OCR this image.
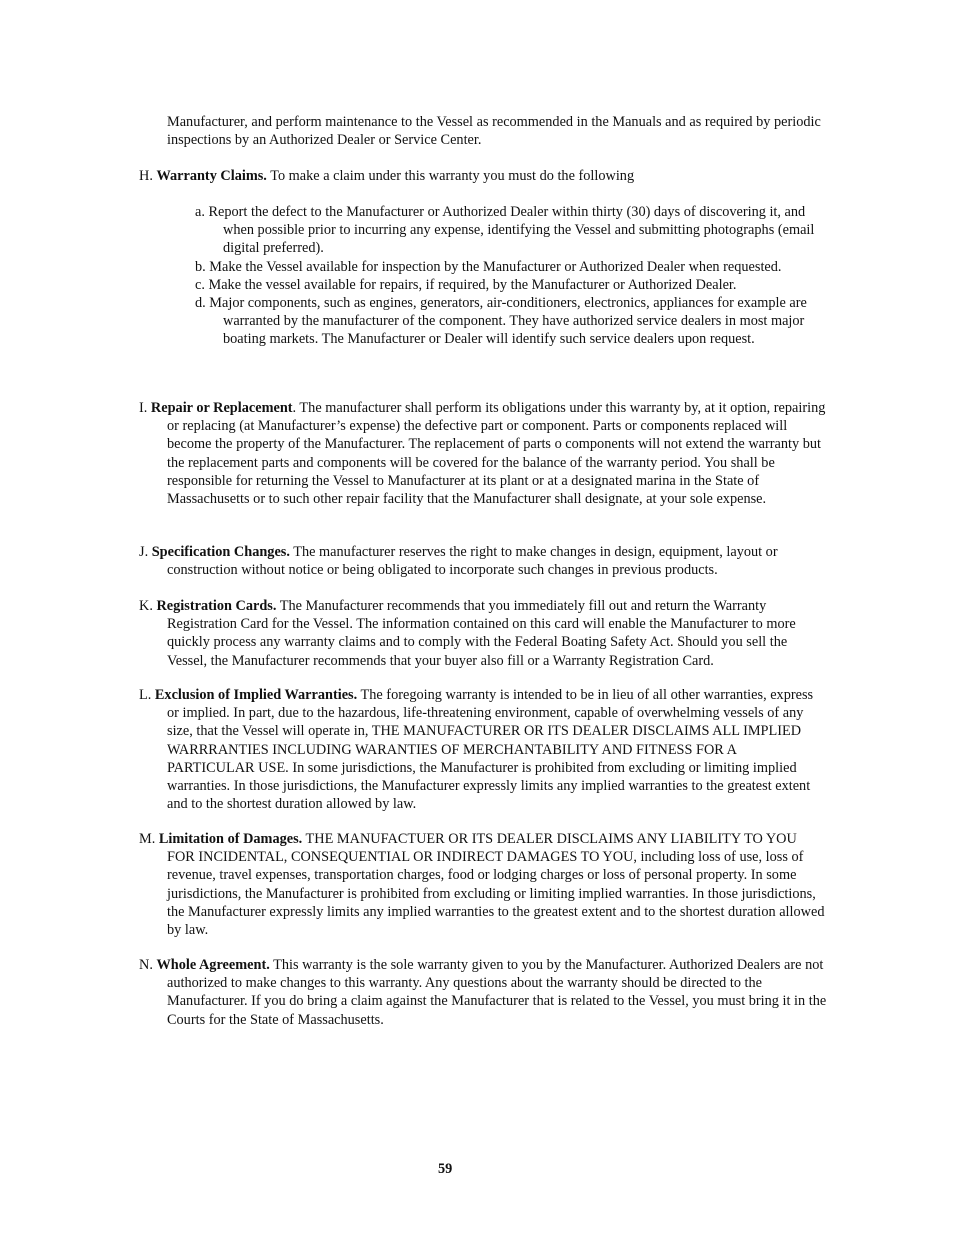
Manufacturer, and perform maintenance to the Vessel as recommended in the Manuals and as required by periodic inspections by an Authorized Dealer or Service Center.

H. Warranty Claims. To make a claim under this warranty you must do the following

a. Report the defect to the Manufacturer or Authorized Dealer within thirty (30) days of discovering it, and when possible prior to incurring any expense, identifying the Vessel and submitting photographs (email digital preferred).
b. Make the Vessel available for inspection by the Manufacturer or Authorized Dealer when requested.
c. Make the vessel available for repairs, if required, by the Manufacturer or Authorized Dealer.
d. Major components, such as engines, generators, air-conditioners, electronics, appliances for example are warranted by the manufacturer of the component. They have authorized service dealers in most major boating markets. The Manufacturer or Dealer will identify such service dealers upon request.

I. Repair or Replacement. The manufacturer shall perform its obligations under this warranty by, at it option, repairing or replacing (at Manufacturer’s expense) the defective part or component. Parts or components replaced will become the property of the Manufacturer. The replacement of parts o components will not extend the warranty but the replacement parts and components will be covered for the balance of the warranty period. You shall be responsible for returning the Vessel to Manufacturer at its plant or at a designated marina in the State of Massachusetts or to such other repair facility that the Manufacturer shall designate, at your sole expense.

J. Specification Changes. The manufacturer reserves the right to make changes in design, equipment, layout or construction without notice or being obligated to incorporate such changes in previous products.

K. Registration Cards. The Manufacturer recommends that you immediately fill out and return the Warranty Registration Card for the Vessel. The information contained on this card will enable the Manufacturer to more quickly process any warranty claims and to comply with the Federal Boating Safety Act. Should you sell the Vessel, the Manufacturer recommends that your buyer also fill or a Warranty Registration Card.

L. Exclusion of Implied Warranties. The foregoing warranty is intended to be in lieu of all other warranties, express or implied. In part, due to the hazardous, life-threatening environment, capable of overwhelming vessels of any size, that the Vessel will operate in, THE MANUFACTURER OR ITS DEALER DISCLAIMS ALL IMPLIED WARRRANTIES INCLUDING WARANTIES OF MERCHANTABILITY AND FITNESS FOR A PARTICULAR USE. In some jurisdictions, the Manufacturer is prohibited from excluding or limiting implied warranties. In those jurisdictions, the Manufacturer expressly limits any implied warranties to the greatest extent and to the shortest duration allowed by law.

M. Limitation of Damages. THE MANUFACTUER OR ITS DEALER DISCLAIMS ANY LIABILITY TO YOU FOR INCIDENTAL, CONSEQUENTIAL OR INDIRECT DAMAGES TO YOU, including loss of use, loss of revenue, travel expenses, transportation charges, food or lodging charges or loss of personal property. In some jurisdictions, the Manufacturer is prohibited from excluding or limiting implied warranties. In those jurisdictions, the Manufacturer expressly limits any implied warranties to the greatest extent and to the shortest duration allowed by law.

N. Whole Agreement. This warranty is the sole warranty given to you by the Manufacturer. Authorized Dealers are not authorized to make changes to this warranty. Any questions about the warranty should be directed to the Manufacturer. If you do bring a claim against the Manufacturer that is related to the Vessel, you must bring it in the Courts for the State of Massachusetts.

59
